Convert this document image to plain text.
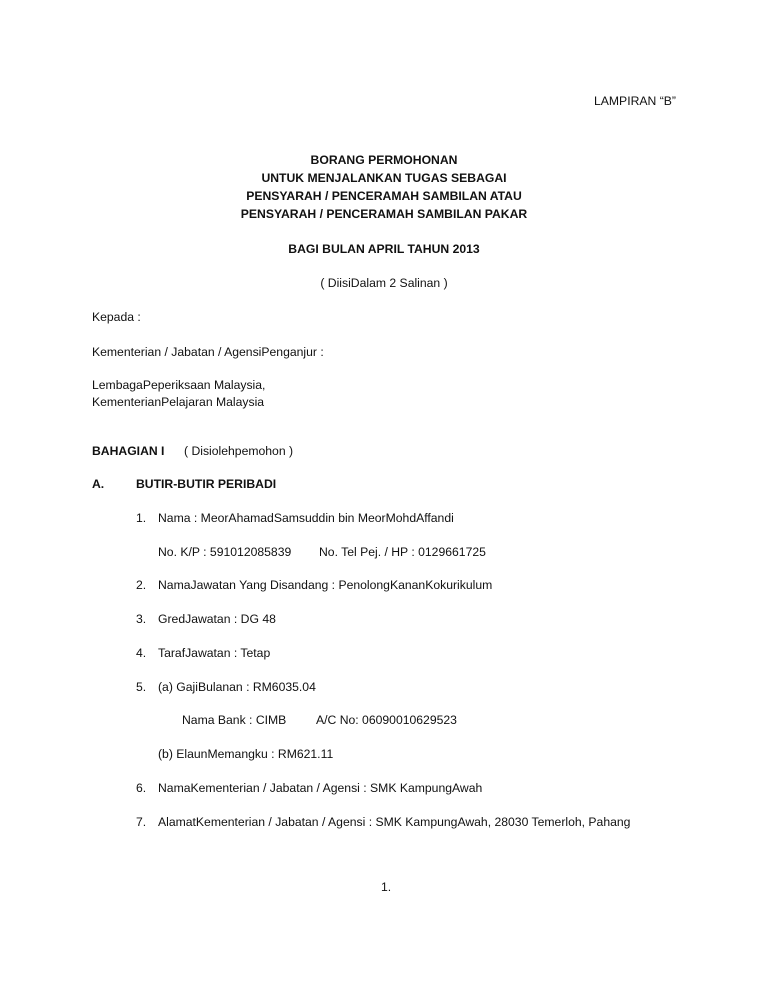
LAMPIRAN “B”
BORANG PERMOHONAN
UNTUK MENJALANKAN TUGAS SEBAGAI
PENSYARAH / PENCERAMAH SAMBILAN ATAU
PENSYARAH / PENCERAMAH SAMBILAN PAKAR
BAGI BULAN APRIL TAHUN 2013
( DiisiDalam 2 Salinan )
Kepada :
Kementerian / Jabatan / AgensiPenganjur :
LembagaPeperiksaan Malaysia,
KementerianPelajaran Malaysia
BAHAGIAN I ( Disiolehpemohon )
A.	BUTIR-BUTIR PERIBADI
1. Nama : MeorAhamadSamsuddin bin MeorMohdAffandi
No. K/P : 591012085839 No. Tel Pej. / HP : 0129661725
2. NamaJawatan Yang Disandang : PenolongKananKokurikulum
3. GredJawatan : DG 48
4. TarafJawatan : Tetap
5. (a) GajiBulanan : RM6035.04
Nama Bank : CIMB A/C No: 06090010629523
(b) ElaunMemangku : RM621.11
6. NamaKementerian / Jabatan / Agensi : SMK KampungAwah
7. AlamatKementerian / Jabatan / Agensi : SMK KampungAwah, 28030 Temerloh, Pahang
1.
